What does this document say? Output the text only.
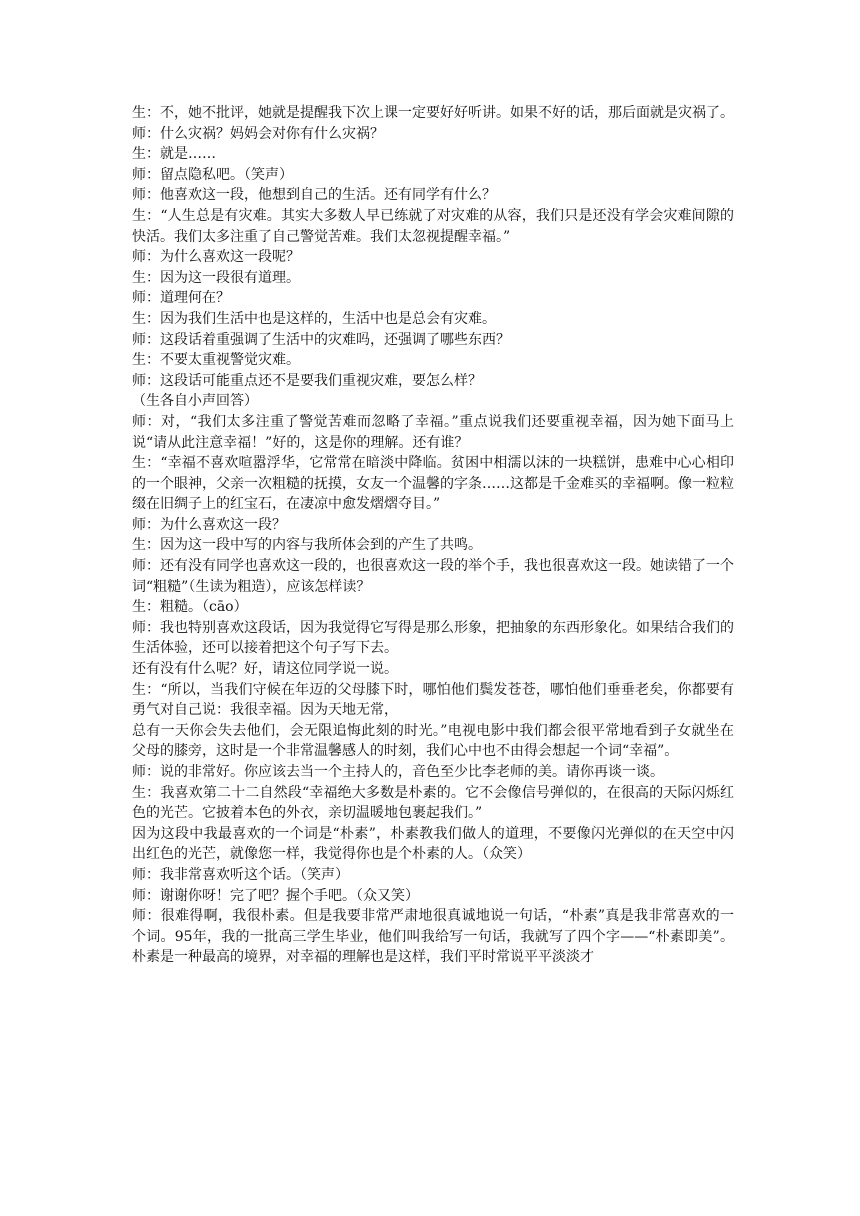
生：不，她不批评，她就是提醒我下次上课一定要好好听讲。如果不好的话，那后面就是灾祸了。

师：什么灾祸？妈妈会对你有什么灾祸？

生：就是……

师：留点隐私吧。（笑声）

师：他喜欢这一段，他想到自己的生活。还有同学有什么？

生：“人生总是有灾难。其实大多数人早已练就了对灾难的从容，我们只是还没有学会灾难间隙的快活。我们太多注重了自己警觉苦难。我们太忽视提醒幸福。”

师：为什么喜欢这一段呢？

生：因为这一段很有道理。

师：道理何在？

生：因为我们生活中也是这样的，生活中也是总会有灾难。

师：这段话着重强调了生活中的灾难吗，还强调了哪些东西？

生：不要太重视警觉灾难。

师：这段话可能重点还不是要我们重视灾难，要怎么样？

（生各自小声回答）

师：对，“我们太多注重了警觉苦难而忽略了幸福。”重点说我们还要重视幸福，因为她下面马上说“请从此注意幸福！”好的，这是你的理解。还有谁？

生：“幸福不喜欢喧嚣浮华，它常常在暗淡中降临。贫困中相濡以沫的一块糕饼，患难中心心相印的一个眼神，父亲一次粗糙的抚摸，女友一个温馨的字条……这都是千金难买的幸福啊。像一粒粒缀在旧绸子上的红宝石，在凄凉中愈发熠熠夺目。”

师：为什么喜欢这一段？

生：因为这一段中写的内容与我所体会到的产生了共鸣。

师：还有没有同学也喜欢这一段的，也很喜欢这一段的举个手，我也很喜欢这一段。她读错了一个词“粗糙”（生读为粗造），应该怎样读？

生：粗糙。（cāo）

师：我也特别喜欢这段话，因为我觉得它写得是那么形象，把抽象的东西形象化。如果结合我们的生活体验，还可以接着把这个句子写下去。

还有没有什么呢？好，请这位同学说一说。

生：“所以，当我们守候在年迈的父母膝下时，哪怕他们鬓发苍苍，哪怕他们垂垂老矣，你都要有勇气对自己说：我很幸福。因为天地无常，

总有一天你会失去他们，会无限追悔此刻的时光。”电视电影中我们都会很平常地看到子女就坐在父母的膝旁，这时是一个非常温馨感人的时刻，我们心中也不由得会想起一个词“幸福”。

师：说的非常好。你应该去当一个主持人的，音色至少比李老师的美。请你再谈一谈。

生：我喜欢第二十二自然段“幸福绝大多数是朴素的。它不会像信号弹似的，在很高的天际闪烁红色的光芒。它披着本色的外衣，亲切温暖地包裹起我们。”

因为这段中我最喜欢的一个词是“朴素”，朴素教我们做人的道理，不要像闪光弹似的在天空中闪出红色的光芒，就像您一样，我觉得你也是个朴素的人。（众笑）

师：我非常喜欢听这个话。（笑声）

师：谢谢你呀！完了吧？握个手吧。（众又笑）

师：很难得啊，我很朴素。但是我要非常严肃地很真诚地说一句话，“朴素”真是我非常喜欢的一个词。95年，我的一批高三学生毕业，他们叫我给写一句话，我就写了四个字——“朴素即美”。朴素是一种最高的境界，对幸福的理解也是这样，我们平时常说平平淡淡才
